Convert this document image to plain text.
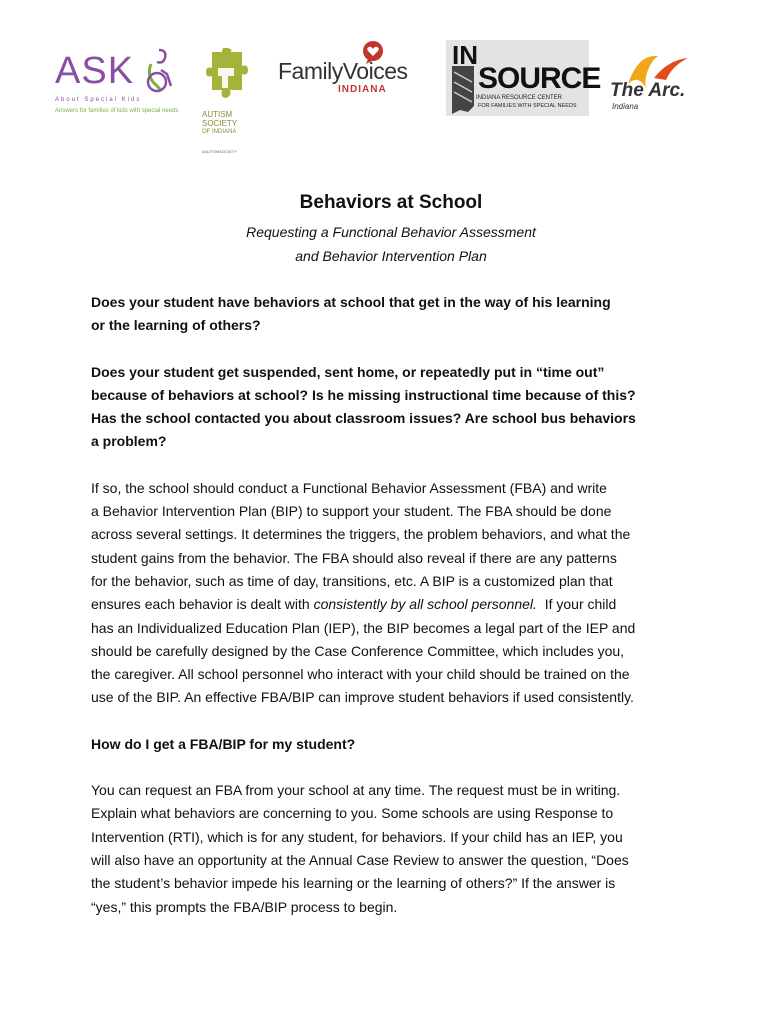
ASK
About Special Kids
Answers for families of kids with special needs	AUTISM
SOCIETY
OF INDIANA
#AUTISMSOCIETY
FamilyVoices
INDIANA
IN
SOURCE
INDIANA RESOURCE CENTER
FOR FAMILIES WITH SPECIAL NEEDS
The Arc.
Indiana
Behaviors at School
Requesting a Functional Behavior Assessment
and Behavior Intervention Plan

Does your student have behaviors at school that get in the way of his learning

or the learning of others?

Does your student get suspended, sent home, or repeatedly put in “time out”

because of behaviors at school? Is he missing instructional time because of this?

Has the school contacted you about classroom issues? Are school bus behaviors

a problem?

If so, the school should conduct a Functional Behavior Assessment (FBA) and write

a Behavior Intervention Plan (BIP) to support your student. The FBA should be done

across several settings. It determines the triggers, the problem behaviors, and what the

student gains from the behavior. The FBA should also reveal if there are any patterns

for the behavior, such as time of day, transitions, etc. A BIP is a customized plan that

ensures each behavior is dealt with consistently by all school personnel.  If your child

has an Individualized Education Plan (IEP), the BIP becomes a legal part of the IEP and

should be carefully designed by the Case Conference Committee, which includes you,

the caregiver. All school personnel who interact with your child should be trained on the

use of the BIP. An effective FBA/BIP can improve student behaviors if used consistently.

How do I get a FBA/BIP for my student?

You can request an FBA from your school at any time. The request must be in writing.

Explain what behaviors are concerning to you. Some schools are using Response to

Intervention (RTI), which is for any student, for behaviors. If your child has an IEP, you

will also have an opportunity at the Annual Case Review to answer the question, “Does

the student’s behavior impede his learning or the learning of others?” If the answer is

“yes,” this prompts the FBA/BIP process to begin.
